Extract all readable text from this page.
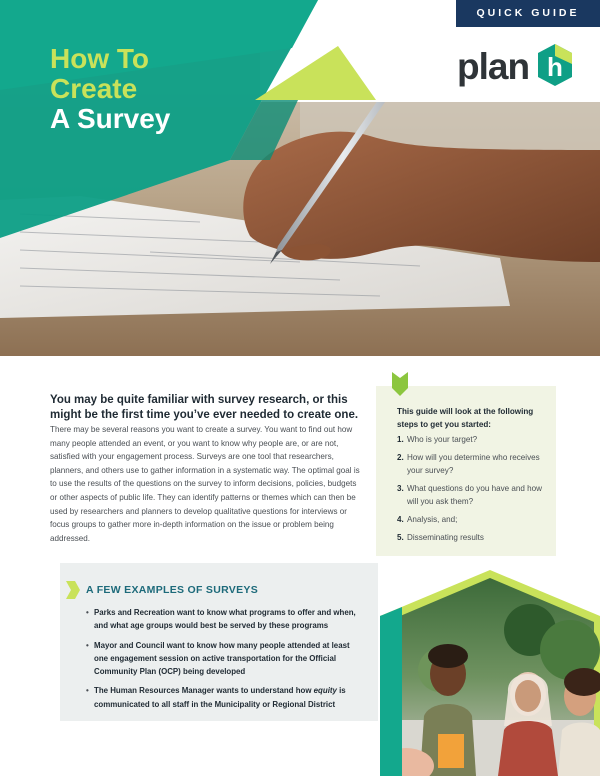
QUICK GUIDE
How To
Create
A Survey
plan h
You may be quite familiar with survey research, or this might be the first time you’ve ever needed to create one.
There may be several reasons you want to create a survey. You want to find out how many people attended an event, or you want to know why people are, or are not, satisfied with your engagement process. Surveys are one tool that researchers, planners, and others use to gather information in a systematic way. The optimal goal is to use the results of the questions on the survey to inform decisions, policies, budgets or other aspects of public life. They can identify patterns or themes which can then be used by researchers and planners to develop qualitative questions for interviews or focus groups to gather more in-depth information on the issue or problem being addressed.
This guide will look at the following steps to get you started:
1. Who is your target?
2. How will you determine who receives your survey?
3. What questions do you have and how will you ask them?
4. Analysis, and;
5. Disseminating results
A FEW EXAMPLES OF SURVEYS
• Parks and Recreation want to know what programs to offer and when, and what age groups would best be served by these programs
• Mayor and Council want to know how many people attended at least one engagement session on active transportation for the Official Community Plan (OCP) being developed
• The Human Resources Manager wants to understand how equity is communicated to all staff in the Municipality or Regional District
